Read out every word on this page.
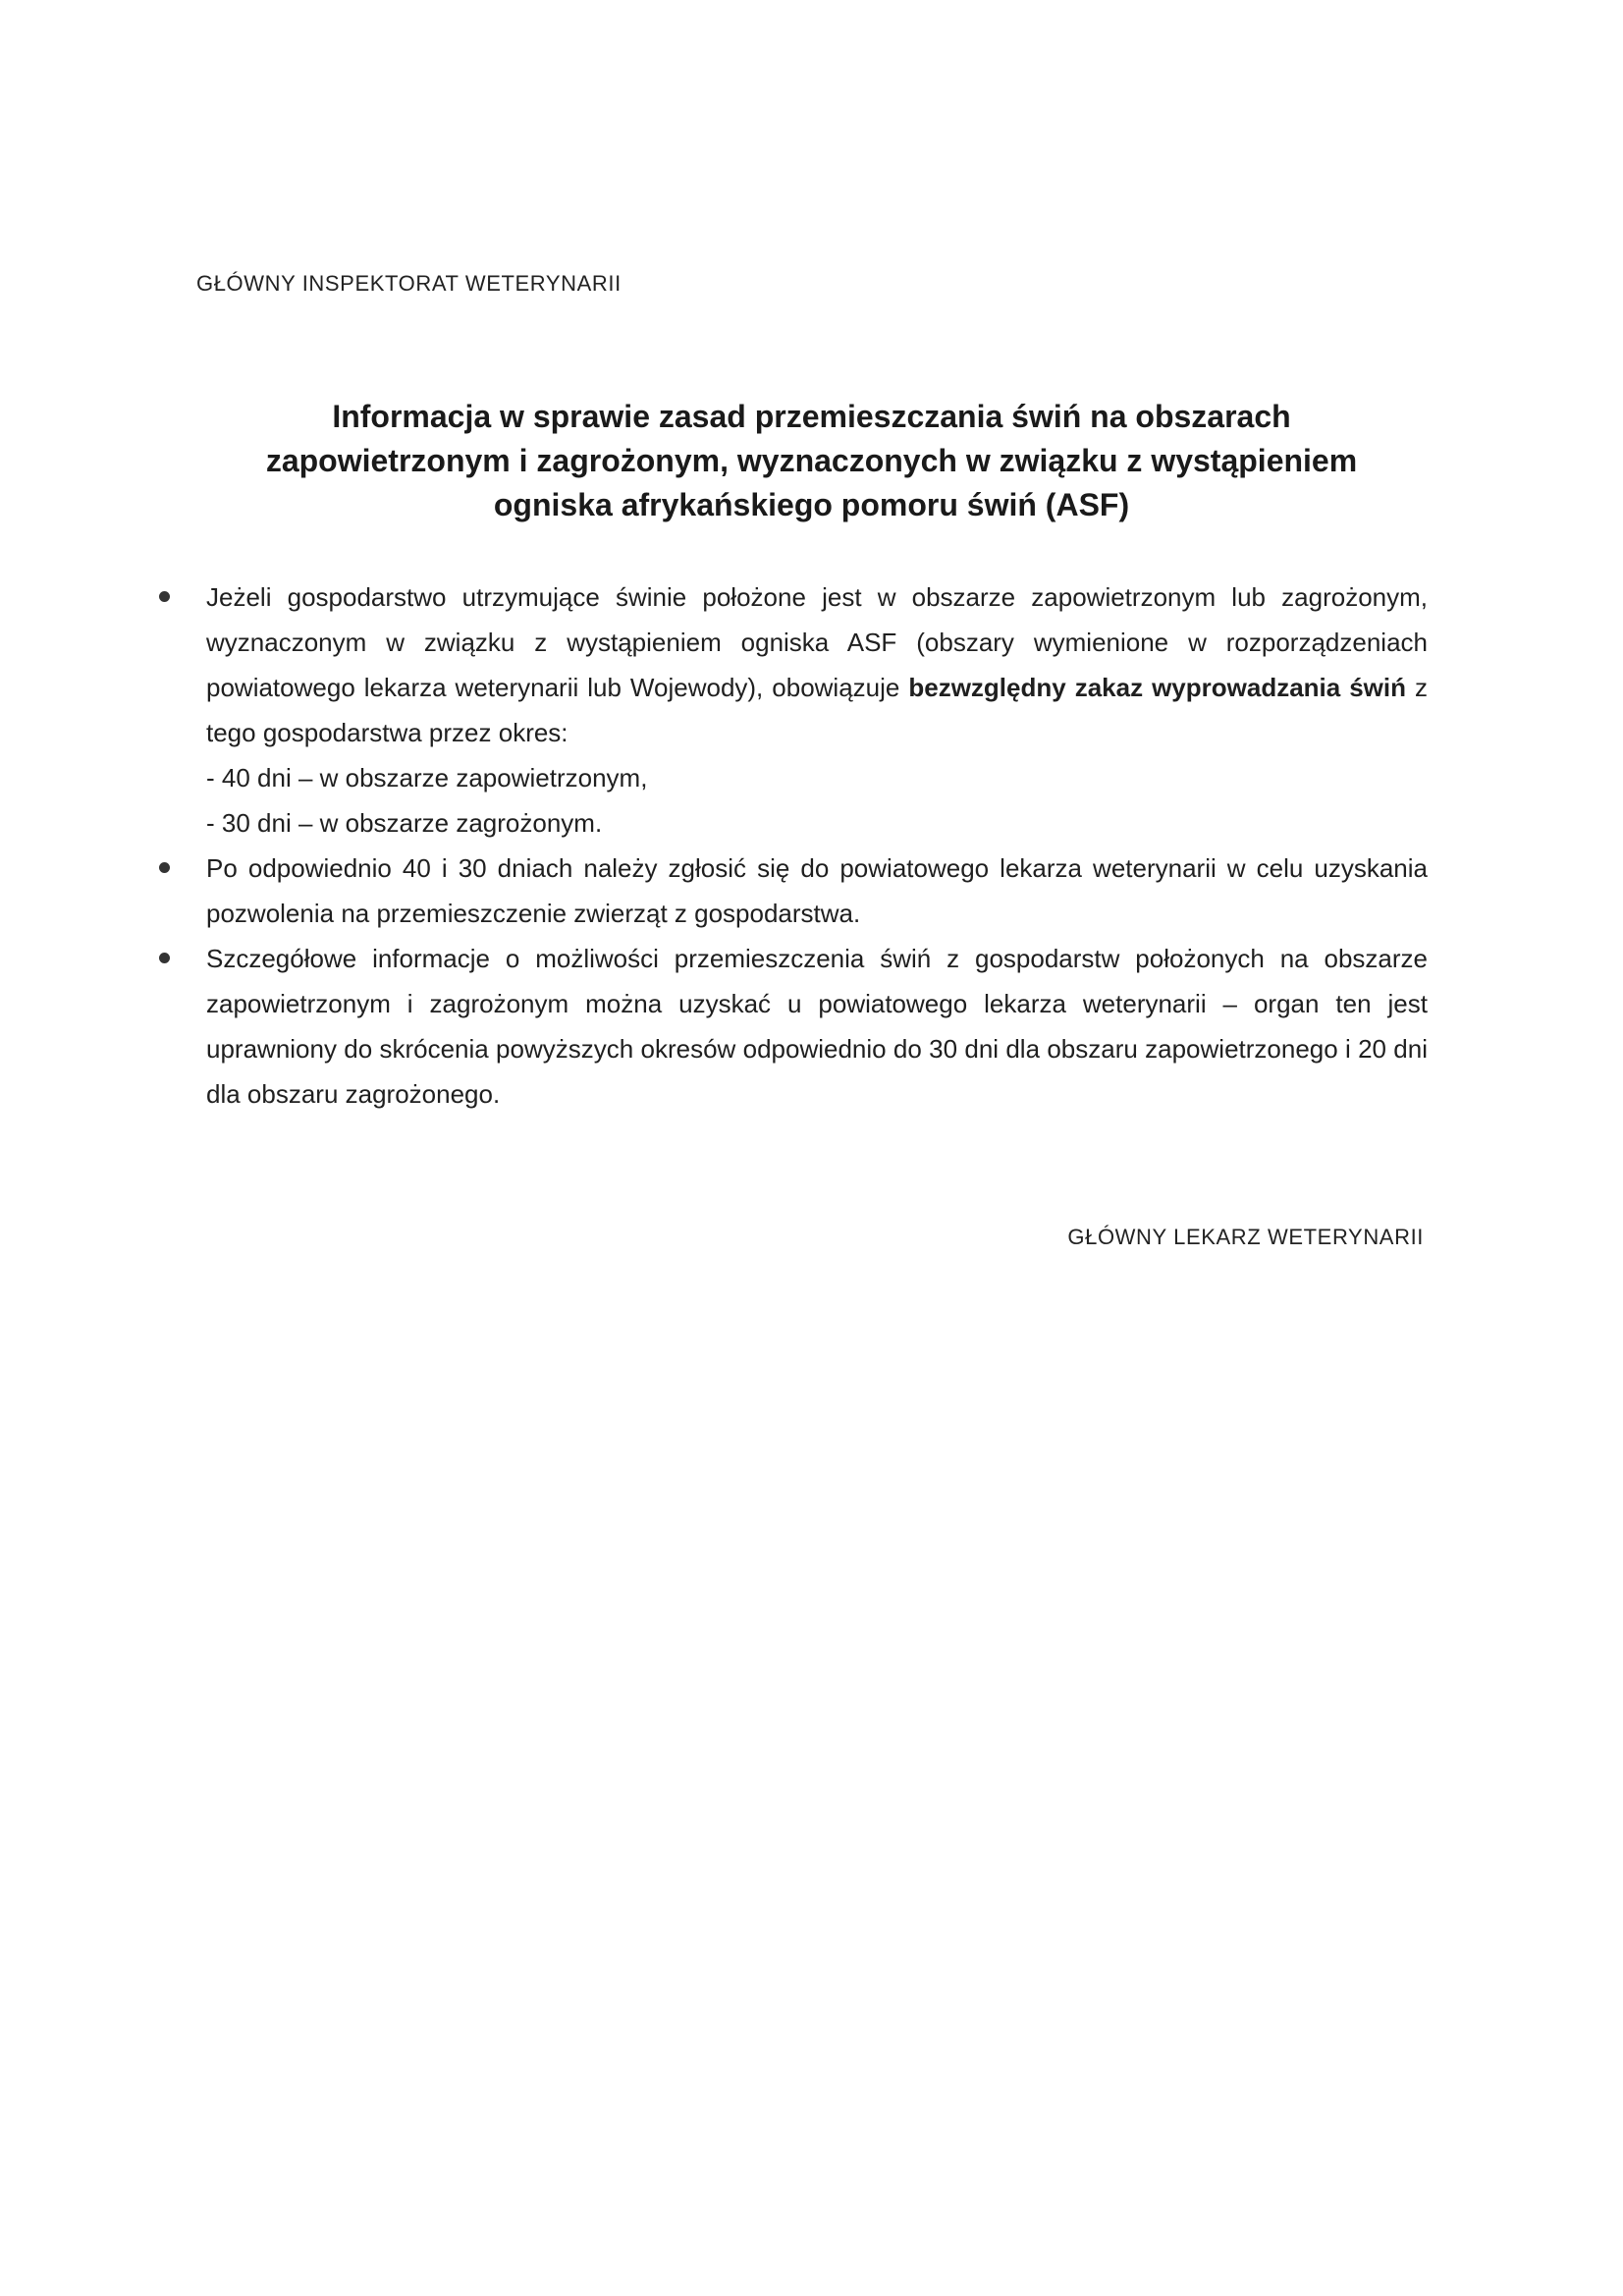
GŁÓWNY INSPEKTORAT WETERYNARII
Informacja w sprawie zasad przemieszczania świń na obszarach
zapowietrzonym i zagrożonym, wyznaczonych w związku z wystąpieniem
ogniska afrykańskiego pomoru świń (ASF)
Jeżeli gospodarstwo utrzymujące świnie położone jest w obszarze zapowietrzonym lub zagrożonym, wyznaczonym w związku z wystąpieniem ogniska ASF (obszary wymienione w rozporządzeniach powiatowego lekarza weterynarii lub Wojewody), obowiązuje bezwzględny zakaz wyprowadzania świń z tego gospodarstwa przez okres:
- 40 dni – w obszarze zapowietrzonym,
- 30 dni – w obszarze zagrożonym.
Po odpowiednio 40 i 30 dniach należy zgłosić się do powiatowego lekarza weterynarii w celu uzyskania pozwolenia na przemieszczenie zwierząt z gospodarstwa.
Szczegółowe informacje o możliwości przemieszczenia świń z gospodarstw położonych na obszarze zapowietrzonym i zagrożonym można uzyskać u powiatowego lekarza weterynarii – organ ten jest uprawniony do skrócenia powyższych okresów odpowiednio do 30 dni dla obszaru zapowietrzonego i 20 dni dla obszaru zagrożonego.
GŁÓWNY LEKARZ WETERYNARII
